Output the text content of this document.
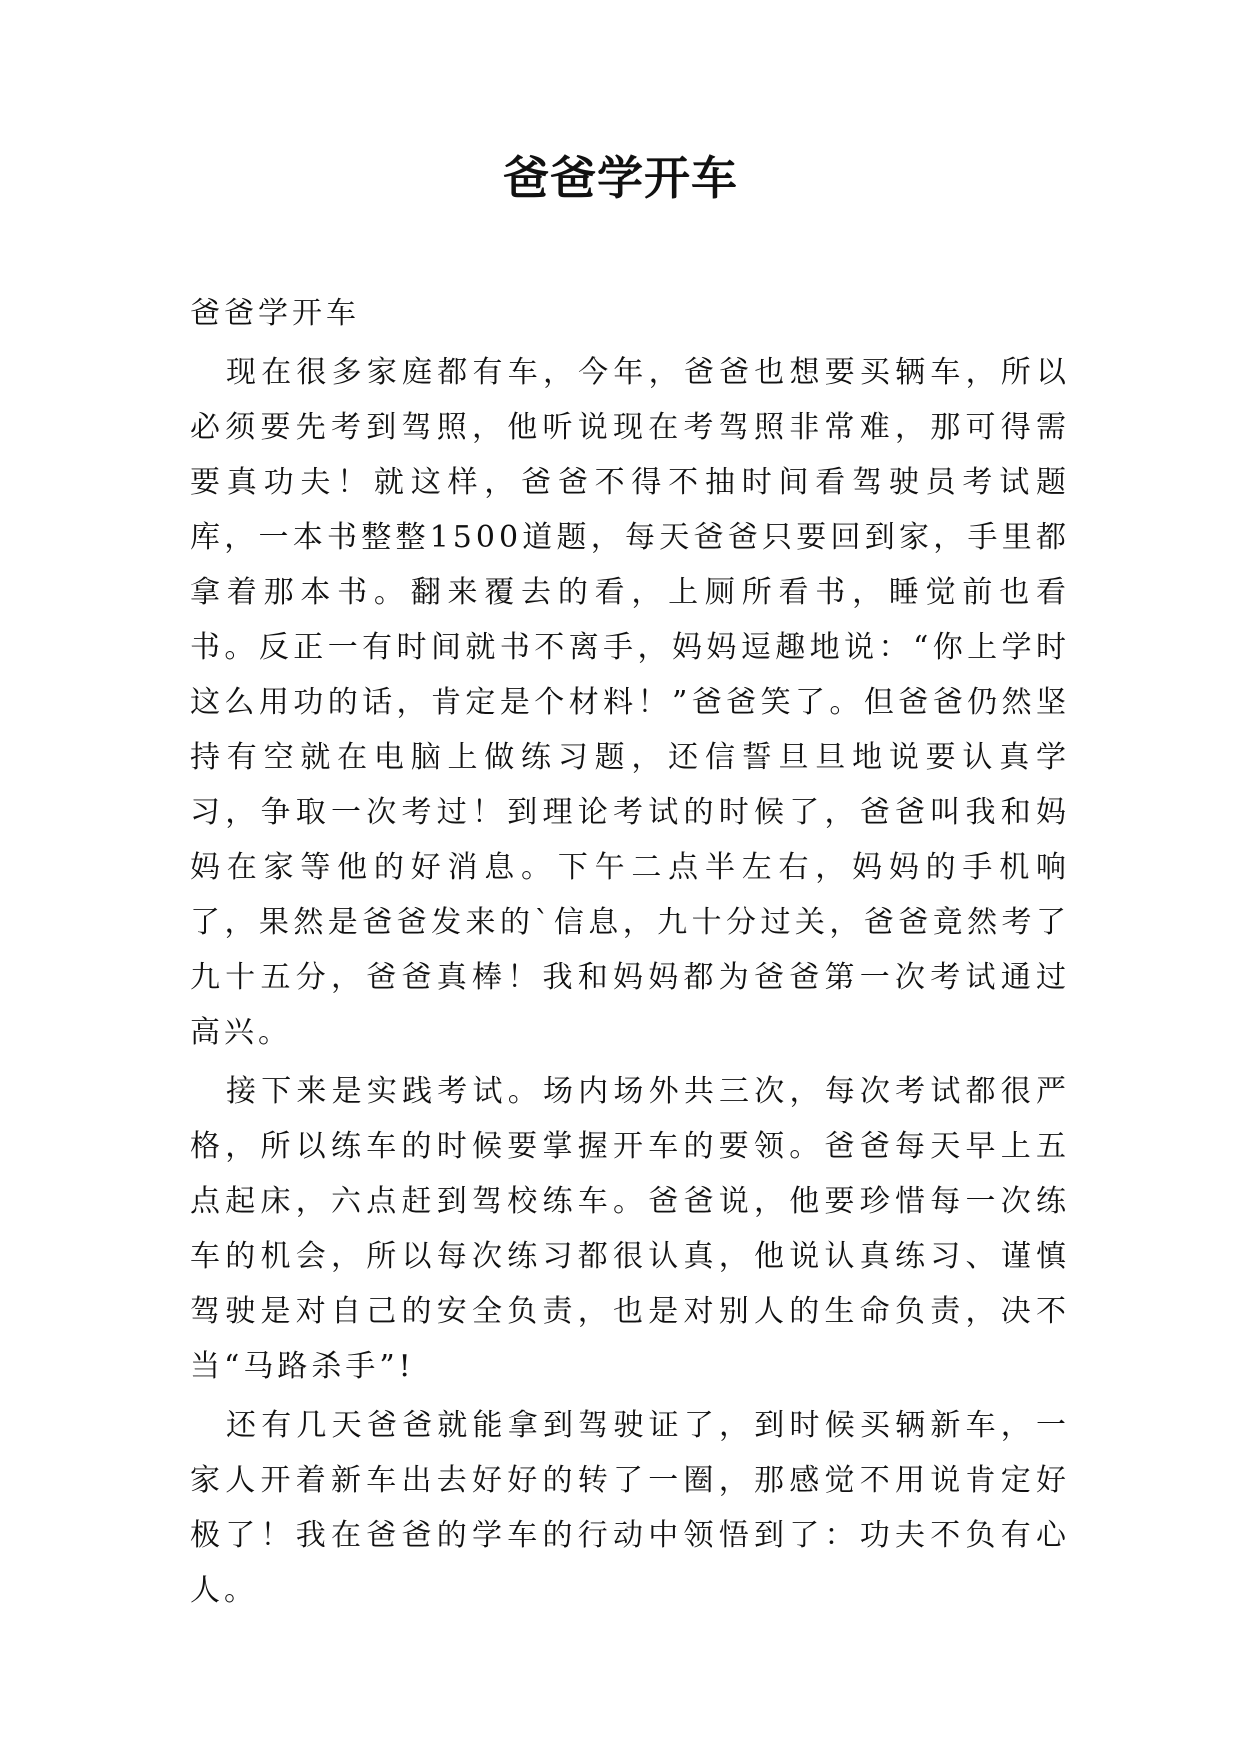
爸爸学开车

爸爸学开车

现在很多家庭都有车，今年，爸爸也想要买辆车，所以必须要先考到驾照，他听说现在考驾照非常难，那可得需要真功夫！就这样，爸爸不得不抽时间看驾驶员考试题库，一本书整整1500道题，每天爸爸只要回到家，手里都拿着那本书。翻来覆去的看，上厕所看书，睡觉前也看书。反正一有时间就书不离手，妈妈逗趣地说：“你上学时这么用功的话，肯定是个材料！”爸爸笑了。但爸爸仍然坚持有空就在电脑上做练习题，还信誓旦旦地说要认真学习，争取一次考过！到理论考试的时候了，爸爸叫我和妈妈在家等他的好消息。下午二点半左右，妈妈的手机响了，果然是爸爸发来的`信息，九十分过关，爸爸竟然考了九十五分，爸爸真棒！我和妈妈都为爸爸第一次考试通过高兴。

接下来是实践考试。场内场外共三次，每次考试都很严格，所以练车的时候要掌握开车的要领。爸爸每天早上五点起床，六点赶到驾校练车。爸爸说，他要珍惜每一次练车的机会，所以每次练习都很认真，他说认真练习、谨慎驾驶是对自己的安全负责，也是对别人的生命负责，决不当“马路杀手”!

还有几天爸爸就能拿到驾驶证了，到时候买辆新车，一家人开着新车出去好好的转了一圈，那感觉不用说肯定好极了！我在爸爸的学车的行动中领悟到了：功夫不负有心人。
